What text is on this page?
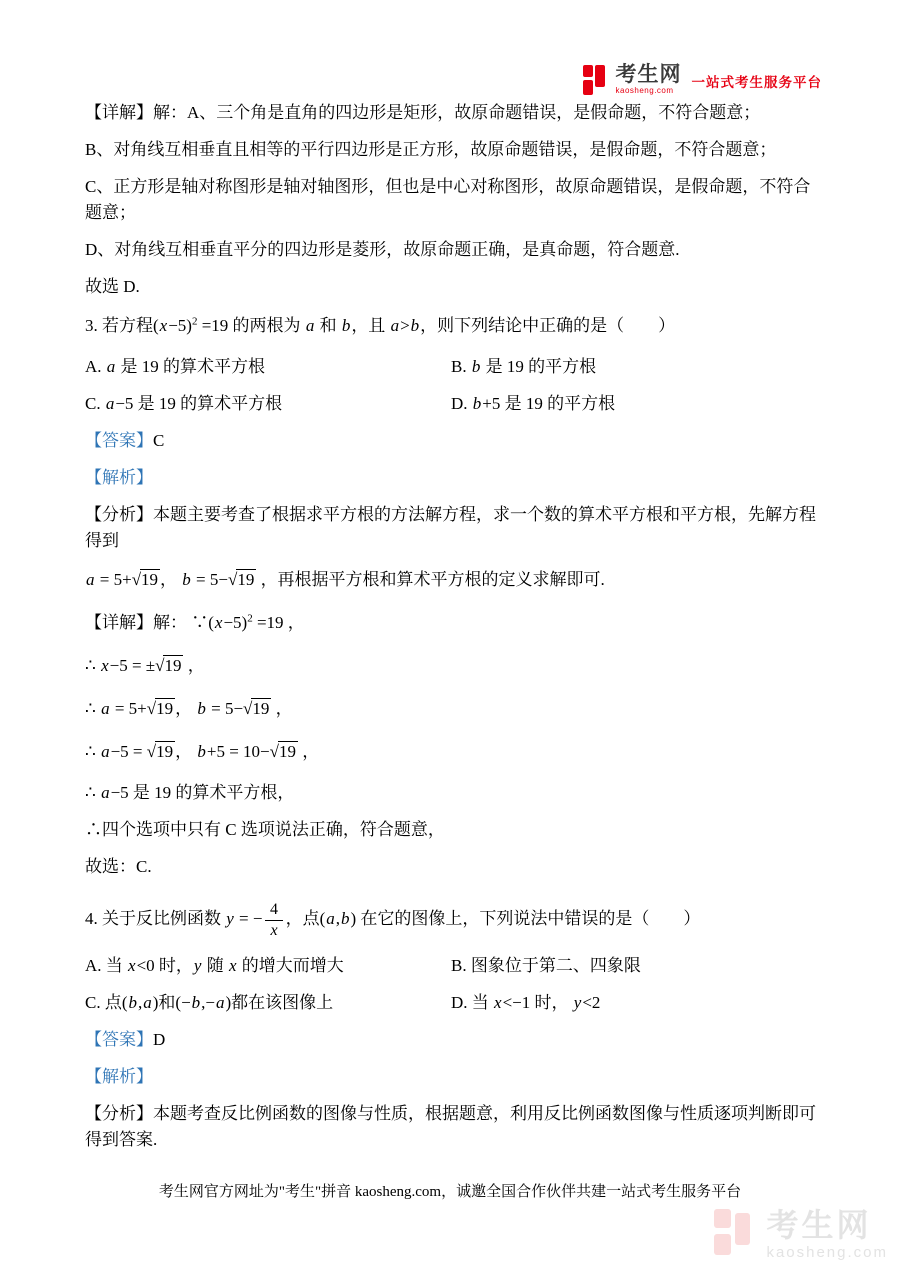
考生网
kaosheng.com
一站式考生服务平台
【详解】解：A、三个角是直角的四边形是矩形，故原命题错误，是假命题，不符合题意；
B、对角线互相垂直且相等的平行四边形是正方形，故原命题错误，是假命题，不符合题意；
C、正方形是轴对称图形是轴对轴图形，但也是中心对称图形，故原命题错误，是假命题，不符合题意；
D、对角线互相垂直平分的四边形是菱形，故原命题正确，是真命题，符合题意.
故选 D.
3. 若方程$(x-5)^2 =19$ 的两根为 a 和 b，且 a>b，则下列结论中正确的是（　　）
A. a 是 19 的算术平方根	B. b 是 19 的平方根
C. a−5 是 19 的算术平方根	D. b+5 是 19 的平方根
【答案】C
【解析】
【分析】本题主要考查了根据求平方根的方法解方程，求一个数的算术平方根和平方根，先解方程得到
a = 5+√19 ， b = 5−√19 ，再根据平方根和算术平方根的定义求解即可.
【详解】解： $\because(x-5)^2 =19$ ，
∴ x−5 = ±√19 ，
∴ a = 5+√19 ， b = 5−√19 ，
∴ a−5 = √19 ， b+5 = 10−√19 ，
∴ a−5 是 19 的算术平方根，
∴四个选项中只有 C 选项说法正确，符合题意，
故选：C.
4. 关于反比例函数 y = − $\frac{4}{x}$ ，点(a,b) 在它的图像上，下列说法中错误的是（　　）
A. 当 x<0 时，y 随 x 的增大而增大	B. 图象位于第二、四象限
C. 点(b,a)和(−b,−a)都在该图像上	D. 当 x<−1 时， y<2
【答案】D
【解析】
【分析】本题考查反比例函数的图像与性质，根据题意，利用反比例函数图像与性质逐项判断即可得到答案.
考生网官方网址为"考生"拼音 kaosheng.com，诚邀全国合作伙伴共建一站式考生服务平台
考生网
kaosheng.com
